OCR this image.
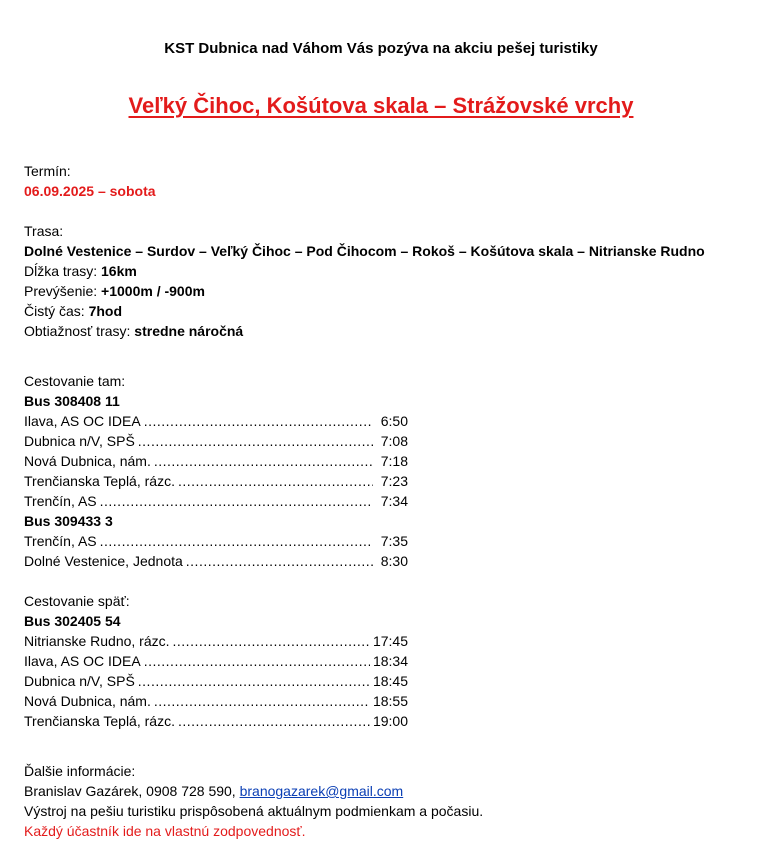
KST Dubnica nad Váhom Vás pozýva na akciu pešej turistiky
Veľký Čihoc, Košútova skala – Strážovské vrchy
Termín:
06.09.2025 – sobota
Trasa:
Dolné Vestenice – Surdov – Veľký Čihoc – Pod Čihocom – Rokoš – Košútova skala – Nitrianske Rudno
Dĺžka trasy: 16km
Prevýšenie: +1000m / -900m
Čistý čas: 7hod
Obtiažnosť trasy: stredne náročná
Cestovanie tam:
Bus 308408 11
Ilava, AS OC IDEA .....	6:50
Dubnica n/V, SPŠ .....	7:08
Nová Dubnica, nám. .....	7:18
Trenčianska Teplá, rázc. .....	7:23
Trenčín, AS .....	7:34
Bus 309433 3
Trenčín, AS .....	7:35
Dolné Vestenice, Jednota .....	8:30
Cestovanie späť:
Bus 302405 54
Nitrianske Rudno, rázc. .....	17:45
Ilava, AS OC IDEA .....	18:34
Dubnica n/V, SPŠ .....	18:45
Nová Dubnica, nám. .....	18:55
Trenčianska Teplá, rázc. .....	19:00
Ďalšie informácie:
Branislav Gazárek, 0908 728 590, branogazarek@gmail.com
Výstroj na pešiu turistiku prispôsobená aktuálnym podmienkam a počasiu.
Každý účastník ide na vlastnú zodpovednosť.
